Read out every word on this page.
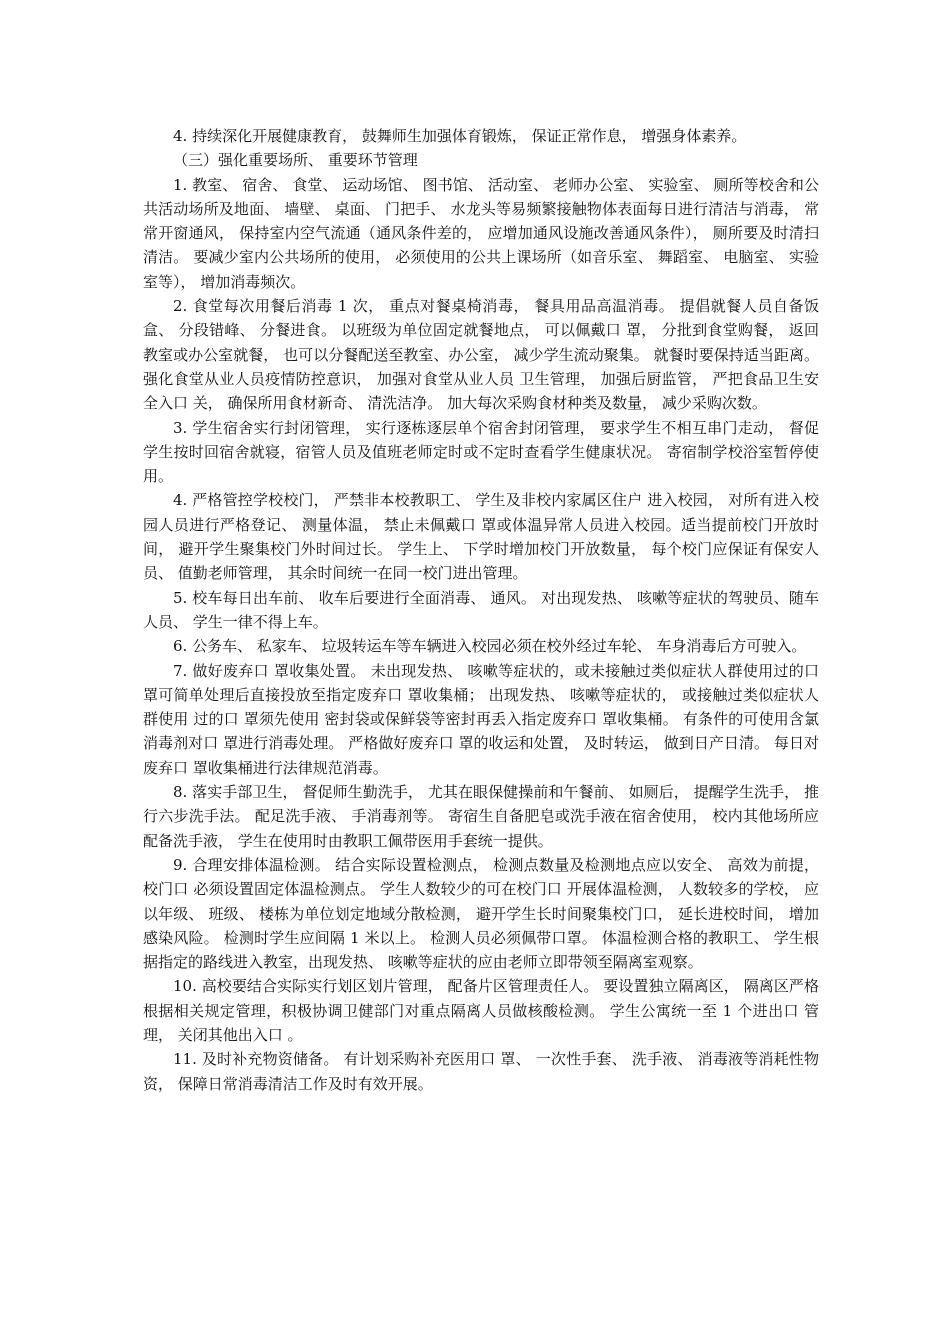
4. 持续深化开展健康教育， 鼓舞师生加强体育锻炼， 保证正常作息， 增强身体素养。

（三）强化重要场所、 重要环节管理

1. 教室、 宿舍、 食堂、 运动场馆、 图书馆、 活动室、 老师办公室、 实验室、 厕所等校舍和公共活动场所及地面、 墙壁、 桌面、 门把手、 水龙头等易频繁接触物体表面每日进行清洁与消毒， 常常开窗通风， 保持室内空气流通（通风条件差的， 应增加通风设施改善通风条件）， 厕所要及时清扫清洁。 要减少室内公共场所的使用， 必须使用的公共上课场所（如音乐室、 舞蹈室、 电脑室、 实验室等）， 增加消毒频次。

2. 食堂每次用餐后消毒 1 次， 重点对餐桌椅消毒， 餐具用品高温消毒。 提倡就餐人员自备饭盒、 分段错峰、 分餐进食。 以班级为单位固定就餐地点， 可以佩戴口 罩， 分批到食堂购餐， 返回教室或办公室就餐， 也可以分餐配送至教室、办公室， 减少学生流动聚集。 就餐时要保持适当距离。 强化食堂从业人员疫情防控意识， 加强对食堂从业人员 卫生管理， 加强后厨监管， 严把食品卫生安全入口 关， 确保所用食材新奇、 清洗洁净。 加大每次采购食材种类及数量， 减少采购次数。

3. 学生宿舍实行封闭管理， 实行逐栋逐层单个宿舍封闭管理， 要求学生不相互串门走动， 督促学生按时回宿舍就寝，宿管人员及值班老师定时或不定时查看学生健康状况。 寄宿制学校浴室暂停使用。

4. 严格管控学校校门， 严禁非本校教职工、 学生及非校内家属区住户 进入校园， 对所有进入校园人员进行严格登记、 测量体温， 禁止未佩戴口 罩或体温异常人员进入校园。适当提前校门开放时间， 避开学生聚集校门外时间过长。 学生上、 下学时增加校门开放数量， 每个校门应保证有保安人员、 值勤老师管理， 其余时间统一在同一校门进出管理。

5. 校车每日出车前、 收车后要进行全面消毒、 通风。 对出现发热、 咳嗽等症状的驾驶员、随车人员、 学生一律不得上车。

6. 公务车、 私家车、 垃圾转运车等车辆进入校园必须在校外经过车轮、 车身消毒后方可驶入。

7. 做好废弃口 罩收集处置。 未出现发热、 咳嗽等症状的，或未接触过类似症状人群使用过的口 罩可简单处理后直接投放至指定废弃口 罩收集桶； 出现发热、 咳嗽等症状的， 或接触过类似症状人群使用 过的口 罩须先使用 密封袋或保鲜袋等密封再丢入指定废弃口 罩收集桶。 有条件的可使用含氯消毒剂对口 罩进行消毒处理。 严格做好废弃口 罩的收运和处置， 及时转运， 做到日产日清。 每日对废弃口 罩收集桶进行法律规范消毒。

8. 落实手部卫生， 督促师生勤洗手， 尤其在眼保健操前和午餐前、 如厕后， 提醒学生洗手， 推行六步洗手法。 配足洗手液、 手消毒剂等。 寄宿生自备肥皂或洗手液在宿舍使用， 校内其他场所应配备洗手液， 学生在使用时由教职工佩带医用手套统一提供。

9. 合理安排体温检测。 结合实际设置检测点， 检测点数量及检测地点应以安全、 高效为前提， 校门口 必须设置固定体温检测点。 学生人数较少的可在校门口 开展体温检测， 人数较多的学校， 应以年级、 班级、 楼栋为单位划定地域分散检测， 避开学生长时间聚集校门口， 延长进校时间， 增加感染风险。 检测时学生应间隔 1 米以上。 检测人员必须佩带口罩。 体温检测合格的教职工、 学生根据指定的路线进入教室，出现发热、 咳嗽等症状的应由老师立即带领至隔离室观察。

10. 高校要结合实际实行划区划片管理， 配备片区管理责任人。 要设置独立隔离区， 隔离区严格根据相关规定管理，积极协调卫健部门对重点隔离人员做核酸检测。 学生公寓统一至 1 个进出口 管理， 关闭其他出入口 。

11. 及时补充物资储备。 有计划采购补充医用口 罩、 一次性手套、 洗手液、 消毒液等消耗性物资， 保障日常消毒清洁工作及时有效开展。
